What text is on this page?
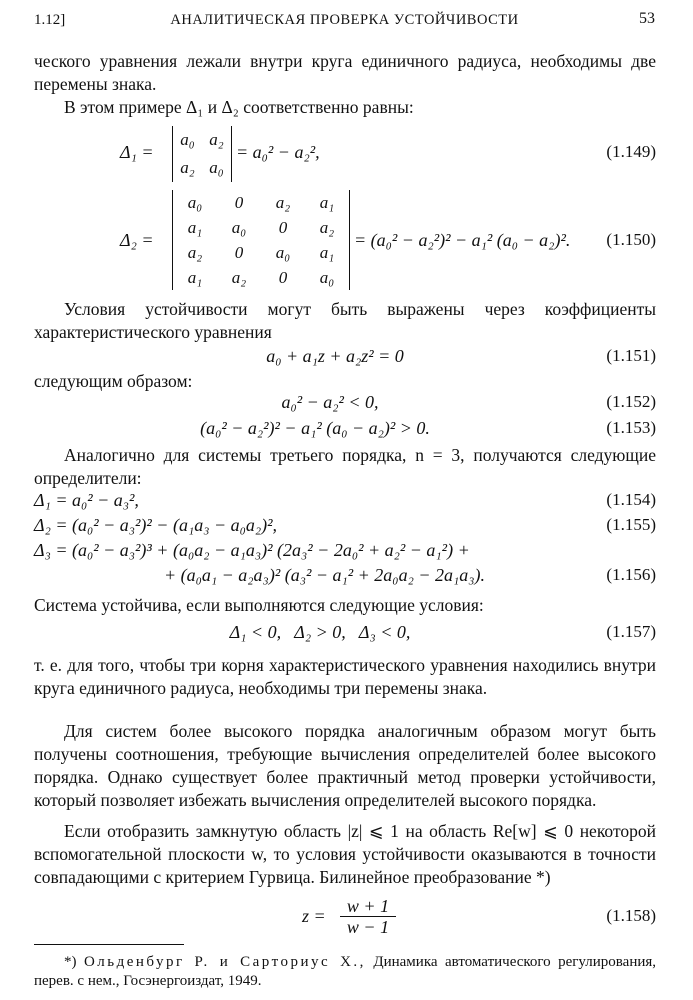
1.12]	АНАЛИТИЧЕСКАЯ ПРОВЕРКА УСТОЙЧИВОСТИ	53
ческого уравнения лежали внутри круга единичного радиуса, необходимы две перемены знака.
В этом примере Δ₁ и Δ₂ соответственно равны:
Δ₁ =
a₀	a₂
a₂	a₀
= a₀² − a₂²,	(1.149)
Δ₂ =
a₀	0	a₂	a₁
a₁	a₀	0	a₂
a₂	0	a₀	a₁
a₁	a₂	0	a₀
= (a₀² − a₂²)² − a₁² (a₀ − a₂)². (1.150)
Условия устойчивости могут быть выражены через коэффициенты характеристического уравнения
a₀ + a₁z + a₂z² = 0	(1.151)
следующим образом:
a₀² − a₂² < 0,	(1.152)
(a₀² − a₂²)² − a₁² (a₀ − a₂)² > 0.	(1.153)
Аналогично для системы третьего порядка, n = 3, получаются следующие определители:
Δ₁ = a₀² − a₃²,	(1.154)
Δ₂ = (a₀² − a₃²)² − (a₁a₃ − a₀a₂)²,	(1.155)
Δ₃ = (a₀² − a₃²)³ + (a₀a₂ − a₁a₃)² (2a₃² − 2a₀² + a₂² − a₁²) +
+ (a₀a₁ − a₂a₃)² (a₃² − a₁² + 2a₀a₂ − 2a₁a₃).	(1.156)
Система устойчива, если выполняются следующие условия:
Δ₁ < 0,   Δ₂ > 0,   Δ₃ < 0,	(1.157)
т. е. для того, чтобы три корня характеристического уравнения находились внутри круга единичного радиуса, необходимы три перемены знака.
Для систем более высокого порядка аналогичным образом могут быть получены соотношения, требующие вычисления определителей более высокого порядка. Однако существует более практичный метод проверки устойчивости, который позволяет избежать вычисления определителей высокого порядка.
Если отобразить замкнутую область |z| ⩽ 1 на область Re[w] ⩽ 0 некоторой вспомогательной плоскости w, то условия устойчивости оказываются в точности совпадающими с критерием Гурвица. Билинейное преобразование *)
$z = \frac{w + 1}{w - 1}$	(1.158)
*) Ольденбург Р. и Сарториус Х., Динамика автоматического регулирования, перев. с нем., Госэнергоиздат, 1949.
